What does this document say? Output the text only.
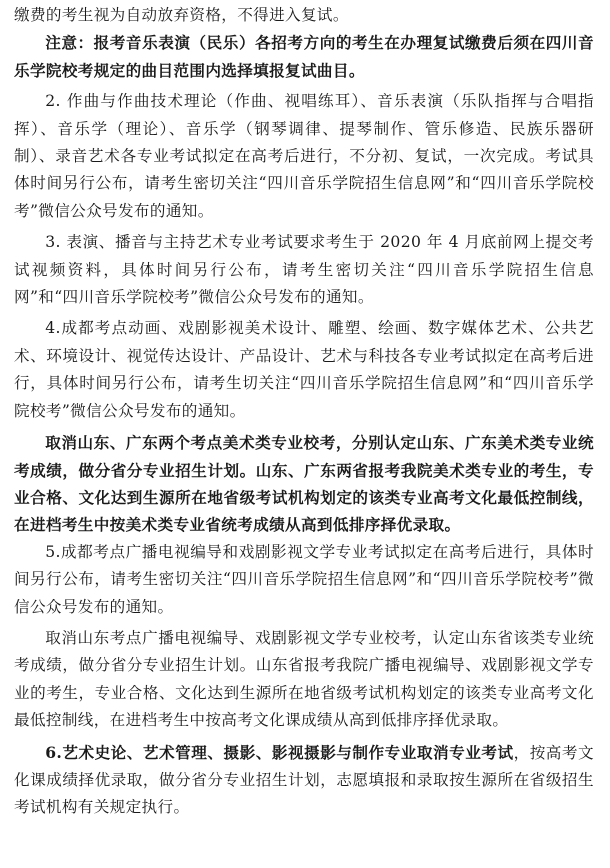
缴费的考生视为自动放弃资格，不得进入复试。

注意：报考音乐表演（民乐）各招考方向的考生在办理复试缴费后须在四川音乐学院校考规定的曲目范围内选择填报复试曲目。

2. 作曲与作曲技术理论（作曲、视唱练耳）、音乐表演（乐队指挥与合唱指挥）、音乐学（理论）、音乐学（钢琴调律、提琴制作、管乐修造、民族乐器研制）、录音艺术各专业考试拟定在高考后进行，不分初、复试，一次完成。考试具体时间另行公布，请考生密切关注“四川音乐学院招生信息网”和“四川音乐学院校考”微信公众号发布的通知。

3. 表演、播音与主持艺术专业考试要求考生于 2020 年 4 月底前网上提交考试视频资料，具体时间另行公布，请考生密切关注“四川音乐学院招生信息网”和“四川音乐学院校考”微信公众号发布的通知。

4.成都考点动画、戏剧影视美术设计、雕塑、绘画、数字媒体艺术、公共艺术、环境设计、视觉传达设计、产品设计、艺术与科技各专业考试拟定在高考后进行，具体时间另行公布，请考生切关注“四川音乐学院招生信息网”和“四川音乐学院校考”微信公众号发布的通知。

取消山东、广东两个考点美术类专业校考，分别认定山东、广东美术类专业统考成绩，做分省分专业招生计划。山东、广东两省报考我院美术类专业的考生，专业合格、文化达到生源所在地省级考试机构划定的该类专业高考文化最低控制线，在进档考生中按美术类专业省统考成绩从高到低排序择优录取。

5.成都考点广播电视编导和戏剧影视文学专业考试拟定在高考后进行，具体时间另行公布，请考生密切关注“四川音乐学院招生信息网”和“四川音乐学院校考”微信公众号发布的通知。

取消山东考点广播电视编导、戏剧影视文学专业校考，认定山东省该类专业统考成绩，做分省分专业招生计划。山东省报考我院广播电视编导、戏剧影视文学专业的考生，专业合格、文化达到生源所在地省级考试机构划定的该类专业高考文化最低控制线，在进档考生中按高考文化课成绩从高到低排序择优录取。

6.艺术史论、艺术管理、摄影、影视摄影与制作专业取消专业考试，按高考文化课成绩择优录取，做分省分专业招生计划，志愿填报和录取按生源所在省级招生考试机构有关规定执行。
